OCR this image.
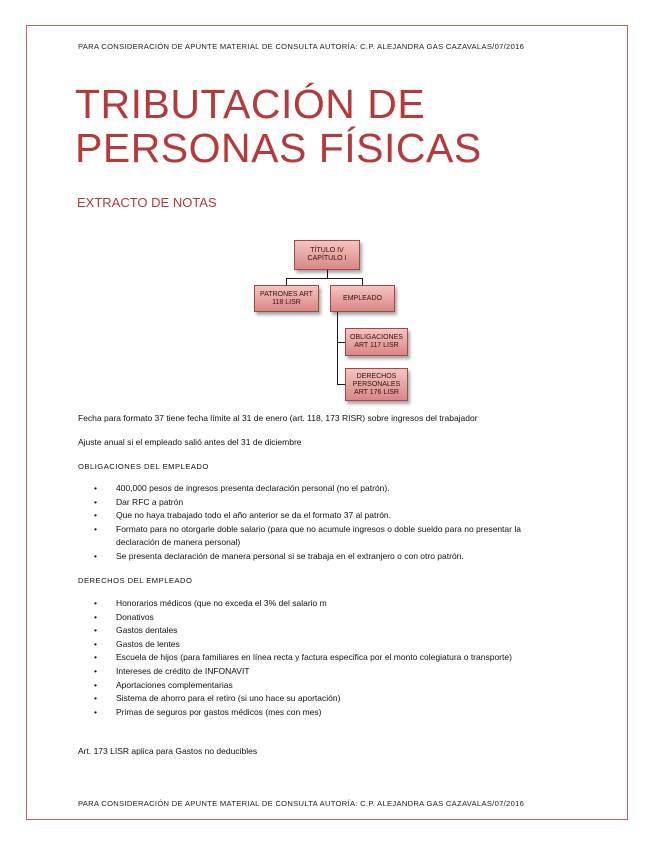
PARA CONSIDERACIÓN DE APUNTE MATERIAL DE CONSULTA AUTORÍA: C.P. ALEJANDRA GAS CAZAVALAS/07/2016
TRIBUTACIÓN DE
PERSONAS FÍSICAS
EXTRACTO DE NOTAS
TÍTULO IV
CAPÍTULO I
PATRONES ART
118 LISR
EMPLEADO
OBLIGACIONES
ART 117 LISR
DERECHOS
PERSONALES
ART 176 LISR

Fecha para formato 37 tiene fecha límite al 31 de enero (art. 118, 173 RISR) sobre ingresos del trabajador

Ajuste anual si el empleado salió antes del 31 de diciembre

OBLIGACIONES DEL EMPLEADO
• 400,000 pesos de ingresos presenta declaración personal (no el patrón).
• Dar RFC a patrón
• Que no haya trabajado todo el año anterior se da el formato 37 al patrón.
• Formato para no otorgarle doble salario (para que no acumule ingresos o doble sueldo para no presentar la declaración de manera personal)
• Se presenta declaración de manera personal si se trabaja en el extranjero o con otro patrón.
DERECHOS DEL EMPLEADO
• Honorarios médicos (que no exceda el 3% del salario m
• Donativos
• Gastos dentales
• Gastos de lentes
• Escuela de hijos (para familiares en línea recta y factura especifica por el monto colegiatura o transporte)
• Intereses de crédito de INFONAVIT
• Aportaciones complementarias
• Sistema de ahorro para el retiro (si uno hace su aportación)
• Primas de seguros por gastos médicos (mes con mes)

Art. 173 LISR aplica para Gastos no deducibles

PARA CONSIDERACIÓN DE APUNTE MATERIAL DE CONSULTA AUTORÍA: C.P. ALEJANDRA GAS CAZAVALAS/07/2016
